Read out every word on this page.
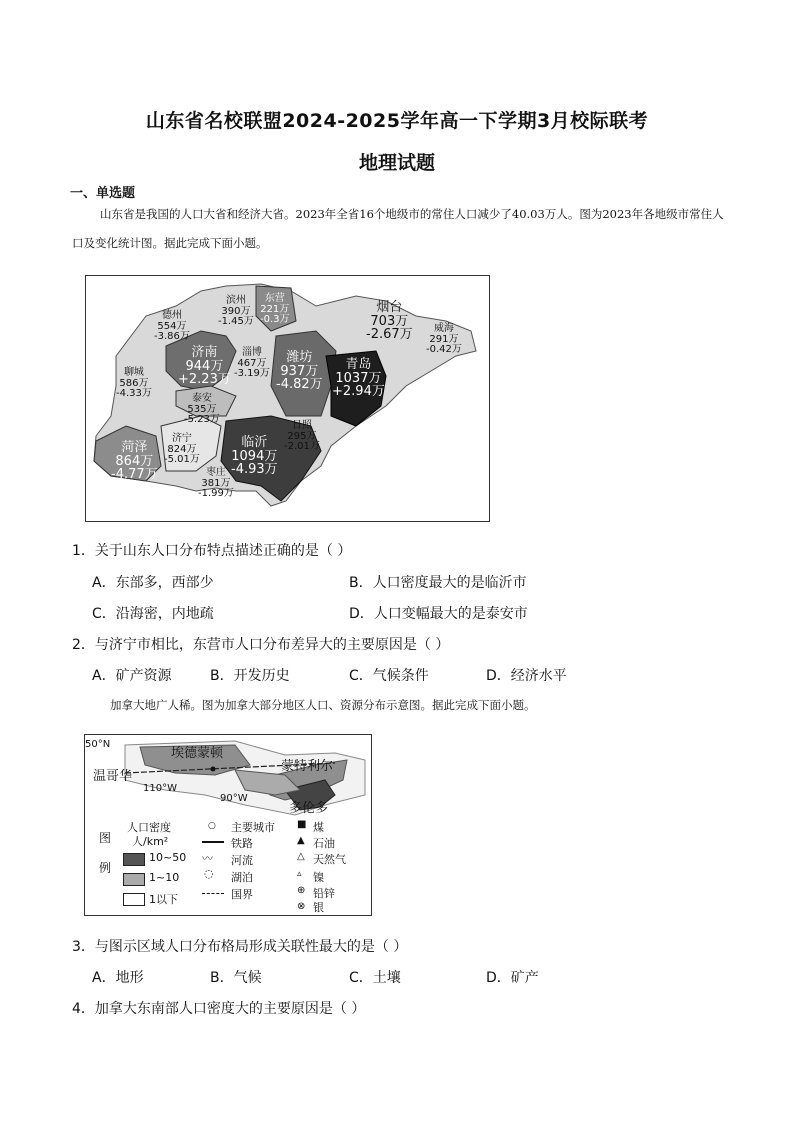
山东省名校联盟2024-2025学年高一下学期3月校际联考
地理试题
一、单选题
山东省是我国的人口大省和经济大省。2023年全省16个地级市的常住人口减少了40.03万人。图为2023年各地级市常住人口及变化统计图。据此完成下面小题。
德州
554万
-3.86万
滨州
390万
-1.45万
东营
221万
-0.3万
烟台
703万
-2.67万	威海
291万
-0.42万
济南
944万
+2.23万
淄博
467万
-3.19万
潍坊
937万
-4.82万
青岛
1037万
+2.94万
聊城
586万
-4.33万	泰安
535万
-5.23万
日照
295万
-2.01万
济宁
824万
-5.01万
菏泽
864万
-4.77万
临沂
1094万
-4.93万
枣庄
381万
-1.99万
1．关于山东人口分布特点描述正确的是（ ）
A．东部多，西部少	B．人口密度最大的是临沂市
C．沿海密，内地疏	D．人口变幅最大的是泰安市
2．与济宁市相比，东营市人口分布差异大的主要原因是（ ）
A．矿产资源	B．开发历史	C．气候条件	D．经济水平
加拿大地广人稀。图为加拿大部分地区人口、资源分布示意图。据此完成下面小题。
50°N
埃德蒙顿
温哥华
110°W
90°W
蒙特利尔
多伦多
图
例
人口密度
人/km²
10~50
1~10
1以下
○ 主要城市
铁路
〰 河流
◌ 湖泊
国界
■ 煤
▲ 石油
△ 天然气
▵ 镍
⊕ 铅锌
⊗ 银
3．与图示区域人口分布格局形成关联性最大的是（ ）
A．地形	B．气候	C．土壤	D．矿产
4．加拿大东南部人口密度大的主要原因是（ ）
